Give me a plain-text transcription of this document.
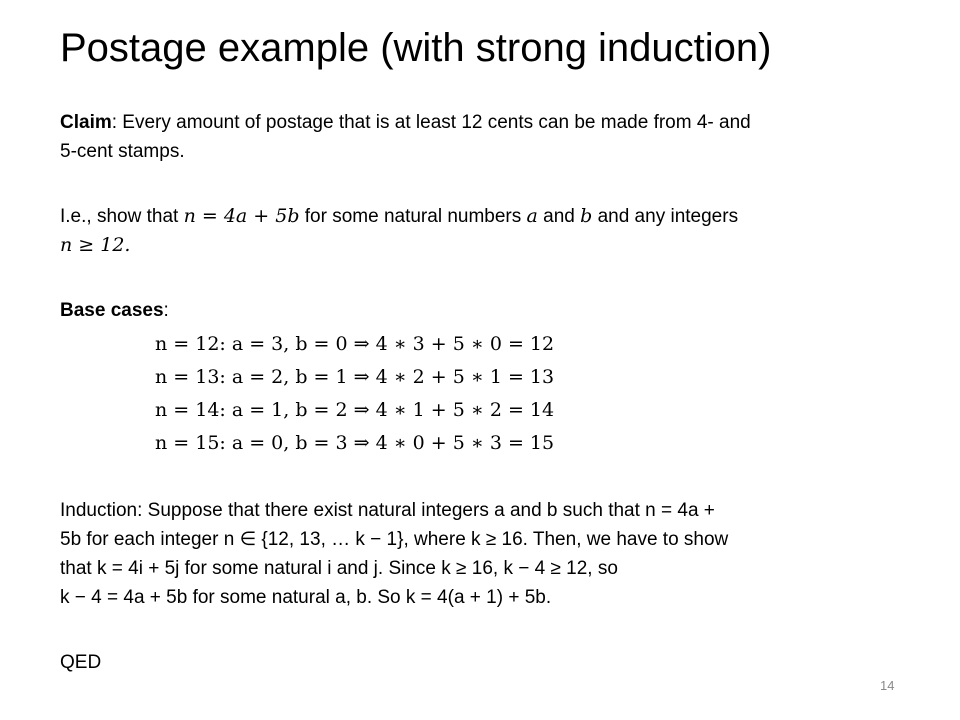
Postage example (with strong induction)
Claim: Every amount of postage that is at least 12 cents can be made from 4- and
5-cent stamps.
I.e., show that n = 4a + 5b for some natural numbers a and b and any integers
n ≥ 12.
Base cases:
n = 12: a = 3, b = 0 ⇒ 4 ∗ 3 + 5 ∗ 0 = 12
n = 13: a = 2, b = 1 ⇒ 4 ∗ 2 + 5 ∗ 1 = 13
n = 14: a = 1, b = 2 ⇒ 4 ∗ 1 + 5 ∗ 2 = 14
n = 15: a = 0, b = 3 ⇒ 4 ∗ 0 + 5 ∗ 3 = 15
Induction: Suppose that there exist natural integers a and b such that n = 4a +
5b for each integer n ∈ {12, 13, … k − 1}, where k ≥ 16. Then, we have to show
that k = 4i + 5j for some natural i and j. Since k ≥ 16, k − 4 ≥ 12, so
k − 4 = 4a + 5b for some natural a, b. So k = 4(a + 1) + 5b.
QED
14
